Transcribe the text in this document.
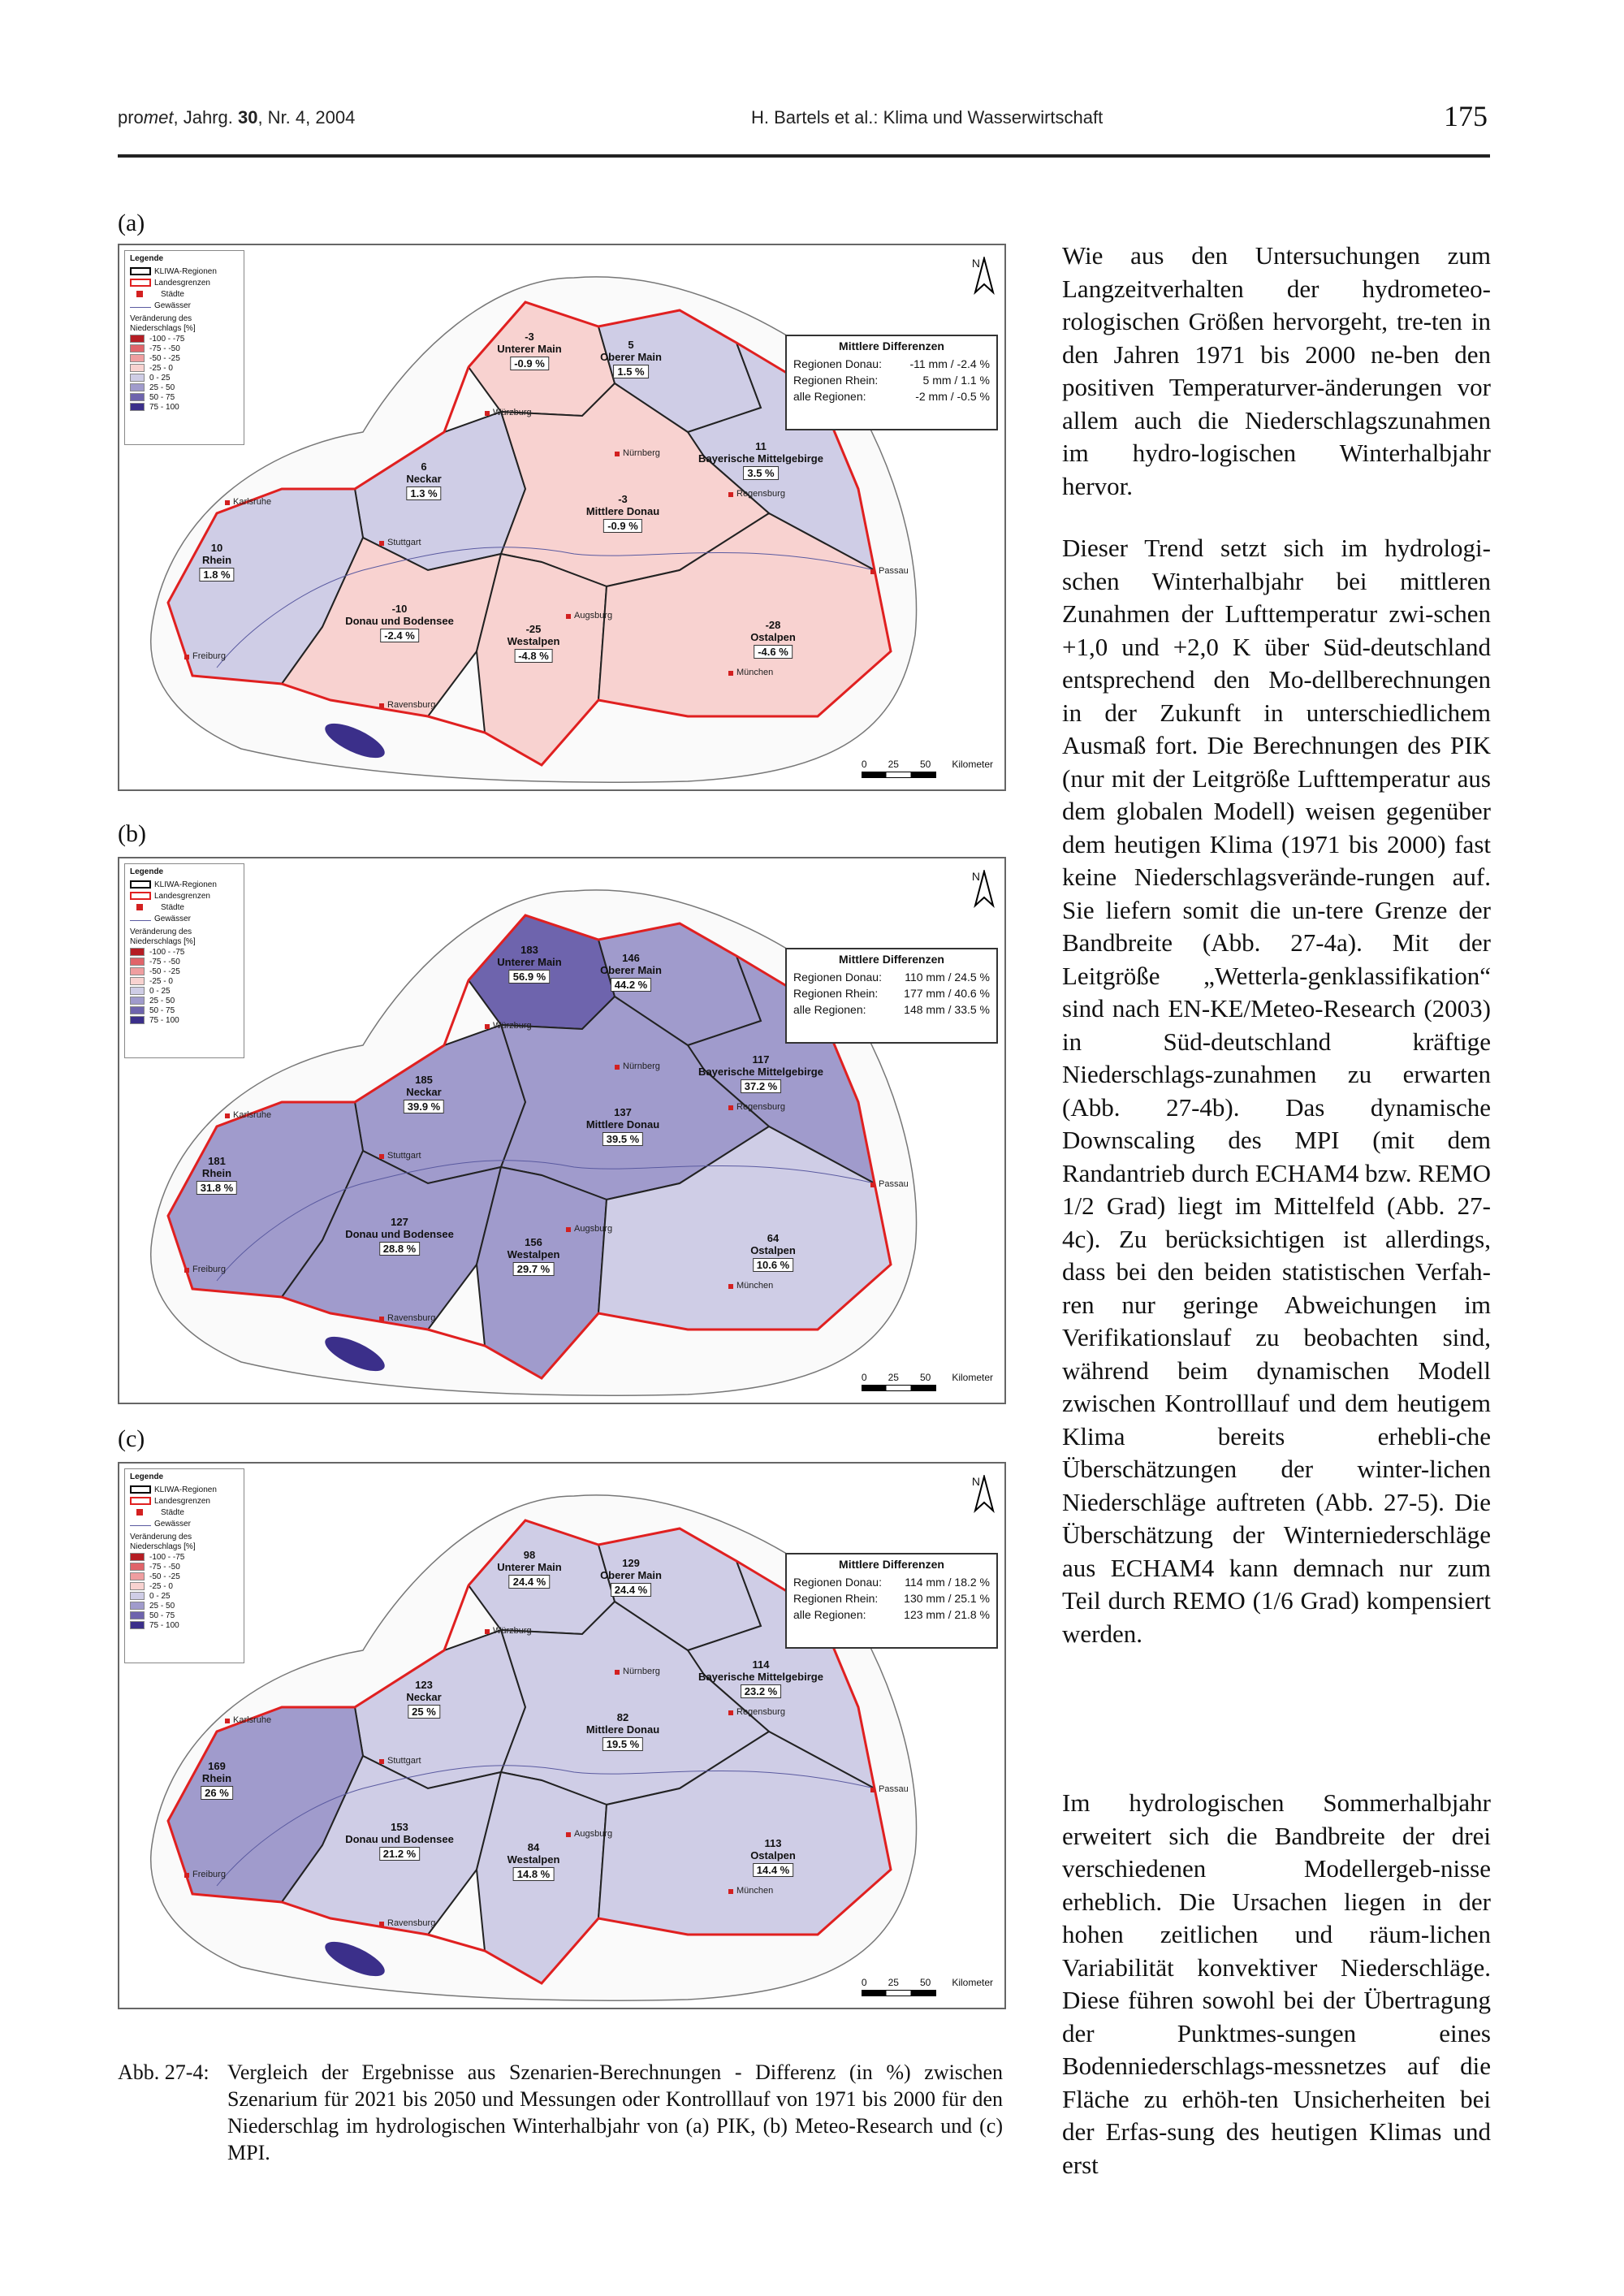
promet, Jahrg. 30, Nr. 4, 2004	H. Bartels et al.: Klima und Wasserwirtschaft	175
(a)
Legende
KLIWA-Regionen
Landesgrenzen
Städte
Gewässer
Veränderung des Niederschlags [%]
-100 - -75
-75 - -50
-50 - -25
-25 - 0
0 - 25
25 - 50
50 - 75
75 - 100
N
Mittlere Differenzen
Regionen Donau: -11 mm / -2.4 %
Regionen Rhein:	5 mm / 1.1 %
alle Regionen:	-2 mm / -0.5 %
-3

Unterer Main
-0.9 %
5

Oberer Main
1.5 %
11

Bayerische Mittelgebirge
3.5 %
6

Neckar
1.3 %	-3

Mittlere Donau
-0.9 %
10

Rhein
1.8 %
-10

Donau und Bodensee
-2.4 %
-25

Westalpen
-4.8 %
-28

Ostalpen
-4.6 %
Würzburg
Nürnberg
Regensburg
Karlsruhe
Stuttgart
Passau
Augsburg
München
Freiburg
Ravensburg
0 25 50 Kilometer
(b)
Legende
KLIWA-Regionen
Landesgrenzen
Städte
Gewässer
Veränderung des Niederschlags [%]
-100 - -75
-75 - -50
-50 - -25
-25 - 0
0 - 25
25 - 50
50 - 75
75 - 100
N
Mittlere Differenzen
Regionen Donau: 110 mm / 24.5 %
Regionen Rhein: 177 mm / 40.6 %
alle Regionen:	148 mm / 33.5 %
183

Unterer Main
56.9 %
146

Oberer Main
44.2 %
117

Bayerische Mittelgebirge
37.2 %
185

Neckar
39.9 %	137

Mittlere Donau
39.5 %
181

Rhein
31.8 %
127

Donau und Bodensee
28.8 %
156

Westalpen
29.7 %
64

Ostalpen
10.6 %
Würzburg
Nürnberg
Regensburg
Karlsruhe
Stuttgart
Passau
Augsburg
München
Freiburg
Ravensburg
0 25 50 Kilometer
(c)
Legende
KLIWA-Regionen
Landesgrenzen
Städte
Gewässer
Veränderung des Niederschlags [%]
-100 - -75
-75 - -50
-50 - -25
-25 - 0
0 - 25
25 - 50
50 - 75
75 - 100
N
Mittlere Differenzen
Regionen Donau: 114 mm / 18.2 %
Regionen Rhein: 130 mm / 25.1 %
alle Regionen:	123 mm / 21.8 %
98

Unterer Main
24.4 %
129

Oberer Main
24.4 %
114

Bayerische Mittelgebirge
23.2 %
123

Neckar
25 %	82

Mittlere Donau
19.5 %
169

Rhein
26 %
153

Donau und Bodensee
21.2 %
84

Westalpen
14.8 %
113

Ostalpen
14.4 %
Würzburg
Nürnberg
Regensburg
Karlsruhe
Stuttgart
Passau
Augsburg
München
Freiburg
Ravensburg
0 25 50 Kilometer

Wie aus den Untersuchungen zum Langzeitverhalten der hydrometeo-rologischen Größen hervorgeht, tre-ten in den Jahren 1971 bis 2000 ne-ben den positiven Temperaturver-änderungen vor allem auch die Niederschlagszunahmen im hydro-logischen Winterhalbjahr hervor.

Dieser Trend setzt sich im hydrologi-schen Winterhalbjahr bei mittleren Zunahmen der Lufttemperatur zwi-schen +1,0 und +2,0 K über Süd-deutschland entsprechend den Mo-dellberechnungen in der Zukunft in unterschiedlichem Ausmaß fort. Die Berechnungen des PIK (nur mit der Leitgröße Lufttemperatur aus dem globalen Modell) weisen gegenüber dem heutigen Klima (1971 bis 2000) fast keine Niederschlagsverände-rungen auf. Sie liefern somit die un-tere Grenze der Bandbreite (Abb. 27-4a). Mit der Leitgröße „Wetterla-genklassifikation“ sind nach EN-KE/Meteo-Research (2003) in Süd-deutschland kräftige Niederschlags-zunahmen zu erwarten (Abb. 27-4b). Das dynamische Downscaling des MPI (mit dem Randantrieb durch ECHAM4 bzw. REMO 1/2 Grad) liegt im Mittelfeld (Abb. 27-4c). Zu berücksichtigen ist allerdings, dass bei den beiden statistischen Verfah-ren nur geringe Abweichungen im Verifikationslauf zu beobachten sind, während beim dynamischen Modell zwischen Kontrolllauf und dem heutigem Klima bereits erhebli-che Überschätzungen der winter-lichen Niederschläge auftreten (Abb. 27-5). Die Überschätzung der Winterniederschläge aus ECHAM4 kann demnach nur zum Teil durch REMO (1/6 Grad) kompensiert werden.

Im hydrologischen Sommerhalbjahr erweitert sich die Bandbreite der drei verschiedenen Modellergeb-nisse erheblich. Die Ursachen liegen in der hohen zeitlichen und räum-lichen Variabilität konvektiver Niederschläge. Diese führen sowohl bei der Übertragung der Punktmes-sungen eines Bodenniederschlags-messnetzes auf die Fläche zu erhöh-ten Unsicherheiten bei der Erfas-sung des heutigen Klimas und erst

Abb. 27-4: Vergleich der Ergebnisse aus Szenarien-Berechnungen - Differenz (in %) zwischen Szenarium für 2021 bis 2050 und Messungen oder Kontrolllauf von 1971 bis 2000 für den Niederschlag im hydrologischen Winterhalbjahr von (a) PIK, (b) Meteo-Research und (c) MPI.
